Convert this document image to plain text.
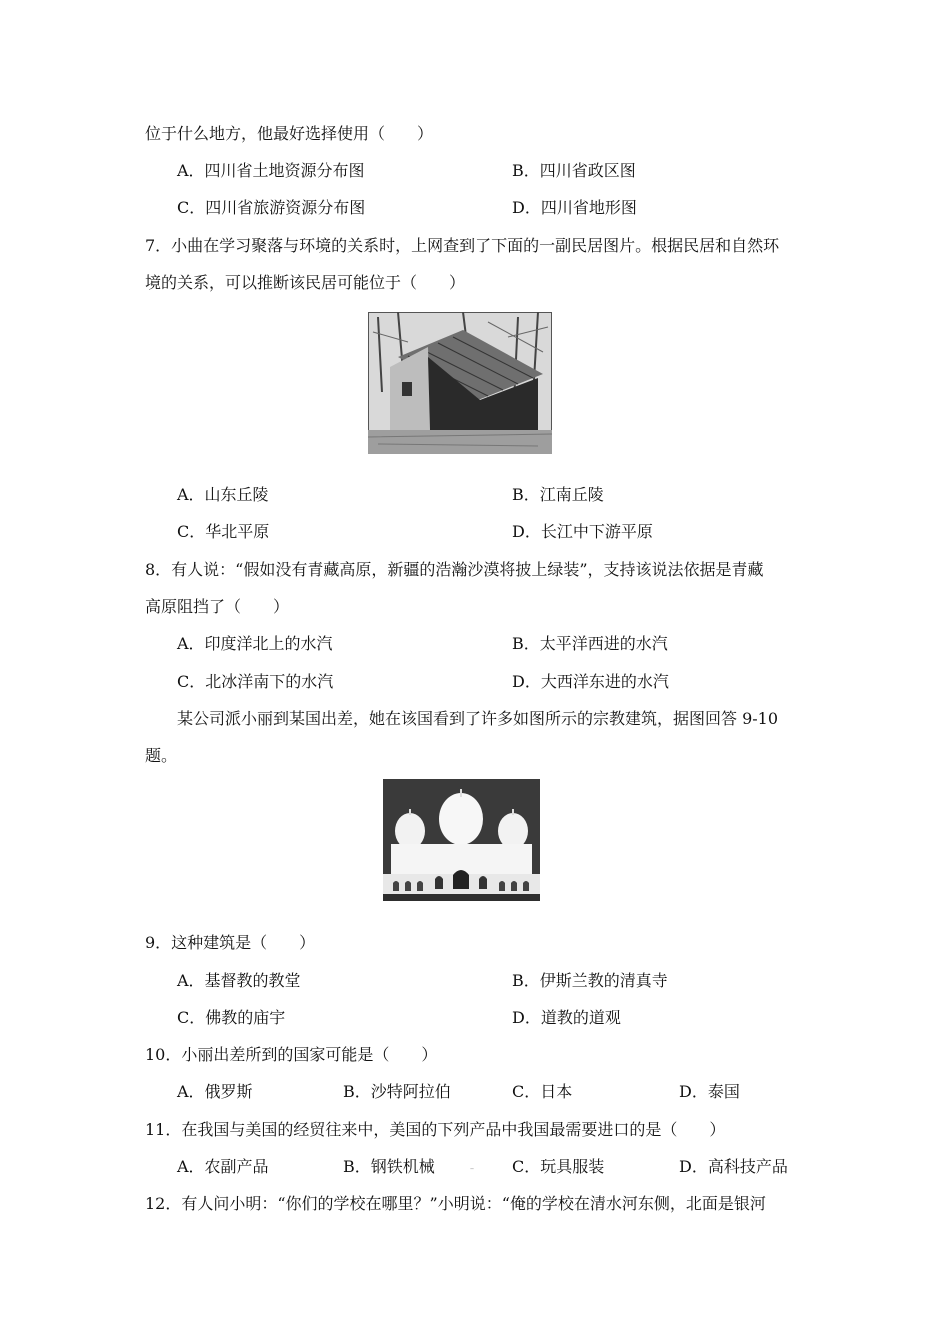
位于什么地方，他最好选择使用（　　）
A．四川省土地资源分布图	B．四川省政区图
C．四川省旅游资源分布图	D．四川省地形图
7．小曲在学习聚落与环境的关系时，上网查到了下面的一副民居图片。根据民居和自然环
境的关系，可以推断该民居可能位于（　　）
A．山东丘陵	B．江南丘陵
C．华北平原	D．长江中下游平原
8．有人说：“假如没有青藏高原，新疆的浩瀚沙漠将披上绿装”，支持该说法依据是青藏
高原阻挡了（　　）
A．印度洋北上的水汽	B．太平洋西进的水汽
C．北冰洋南下的水汽	D．大西洋东进的水汽
某公司派小丽到某国出差，她在该国看到了许多如图所示的宗教建筑，据图回答 9-10
题。
9．这种建筑是（　　）
A．基督教的教堂	B．伊斯兰教的清真寺
C．佛教的庙宇	D．道教的道观
10．小丽出差所到的国家可能是（　　）
A．俄罗斯	B．沙特阿拉伯	C．日本	D．泰国
11．在我国与美国的经贸往来中，美国的下列产品中我国最需要进口的是（　　）
A．农副产品	B．钢铁机械	– C．玩具服装	D．高科技产品
12．有人问小明：“你们的学校在哪里？”小明说：“俺的学校在清水河东侧，北面是银河
